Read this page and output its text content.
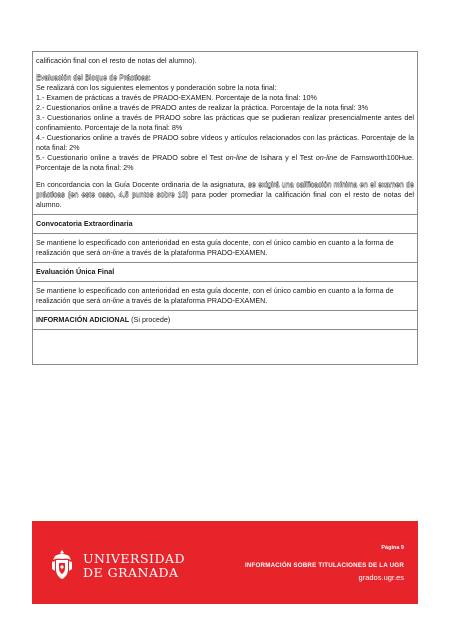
calificación final con el resto de notas del alumno).

Evaluación del Bloque de Prácticas:

Se realizará con los siguientes elementos y ponderación sobre la nota final:

1.- Examen de prácticas a través de PRADO-EXAMEN. Porcentaje de la nota final: 10%

2.- Cuestionarios online a través de PRADO antes de realizar la práctica. Porcentaje de la nota final: 3%

3.- Cuestionarios online a través de PRADO sobre las prácticas que se pudieran realizar presencialmente antes del confinamiento. Porcentaje de la nota final: 8%

4.- Cuestionarios online a través de PRADO sobre vídeos y artículos relacionados con las prácticas. Porcentaje de la nota final: 2%

5.- Cuestionario online a través de PRADO sobre el Test on-line de Isihara y el Test on-line de Farnsworth100Hue. Porcentaje de la nota final: 2%

En concordancia con la Guía Docente ordinaria de la asignatura, se exigirá una calificación mínima en el examen de prácticas (en este caso, 4,5 puntos sobre 10) para poder promediar la calificación final con el resto de notas del alumno.

Convocatoria Extraordinaria

Se mantiene lo especificado con anterioridad en esta guía docente, con el único cambio en cuanto a la forma de realización que será on-line a través de la plataforma PRADO-EXAMEN.

Evaluación Única Final

Se mantiene lo especificado con anterioridad en esta guía docente, con el único cambio en cuanto a la forma de realización que será on-line a través de la plataforma PRADO-EXAMEN.

INFORMACIÓN ADICIONAL (Si procede)
UNIVERSIDAD
DE GRANADA
Página 9
INFORMACIÓN SOBRE TITULACIONES DE LA UGR
grados.ugr.es
